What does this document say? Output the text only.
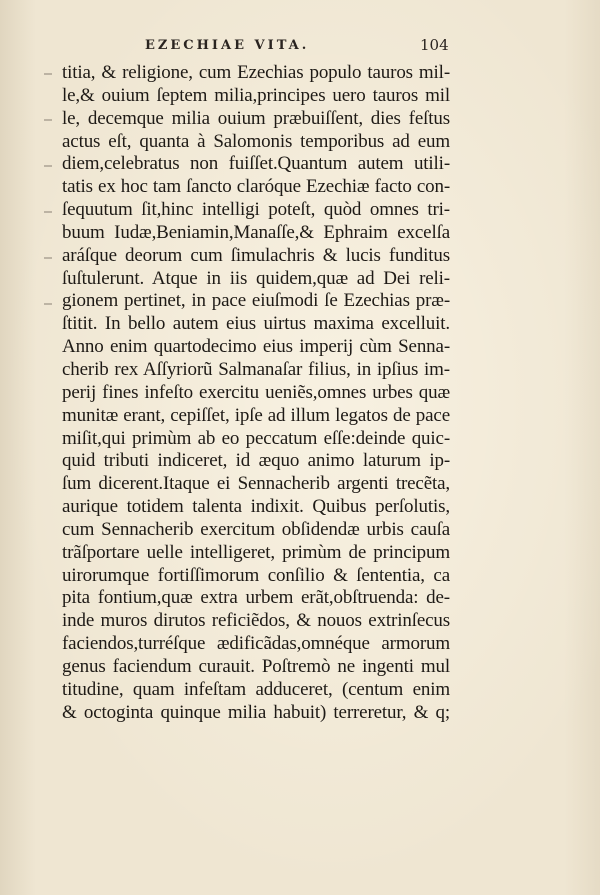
EZECHIAE VITA.	104
titia, & religione, cum Ezechias populo tauros mil-
le,& ouium ſeptem milia,principes uero tauros mil
le, decemque milia ouium præbuiſſent, dies feſtus
actus eſt, quanta à Salomonis temporibus ad eum
diem,celebratus non fuiſſet.Quantum autem utili-
tatis ex hoc tam ſancto claróque Ezechiæ facto con-
ſequutum ſit,hinc intelligi poteſt, quòd omnes tri-
buum Iudæ,Beniamin,Manaſſe,& Ephraim excelſa
aráſque deorum cum ſimulachris & lucis funditus
ſuſtulerunt. Atque in iis quidem,quæ ad Dei reli-
gionem pertinet, in pace eiuſmodi ſe Ezechias præ-
ſtitit. In bello autem eius uirtus maxima excelluit.
Anno enim quartodecimo eius imperij cùm Senna-
cherib rex Aſſyriorũ Salmanaſar filius, in ipſius im-
perij fines infeſto exercitu ueniẽs,omnes urbes quæ
munitæ erant, cepiſſet, ipſe ad illum legatos de pace
miſit,qui primùm ab eo peccatum eſſe:deinde quic-
quid tributi indiceret, id æquo animo laturum ip-
ſum dicerent.Itaque ei Sennacherib argenti trecẽta,
aurique totidem talenta indixit. Quibus perſolutis,
cum Sennacherib exercitum obſidendæ urbis cauſa
trãſportare uelle intelligeret, primùm de principum
uirorumque fortiſſimorum conſilio & ſententia, ca
pita fontium,quæ extra urbem erãt,obſtruenda: de-
inde muros dirutos reficiẽdos, & nouos extrinſecus
faciendos,turréſque ædificãdas,omnéque armorum
genus faciendum curauit. Poſtremò ne ingenti mul
titudine, quam infeſtam adduceret, (centum enim
& octoginta quinque milia habuit) terreretur, & q;
